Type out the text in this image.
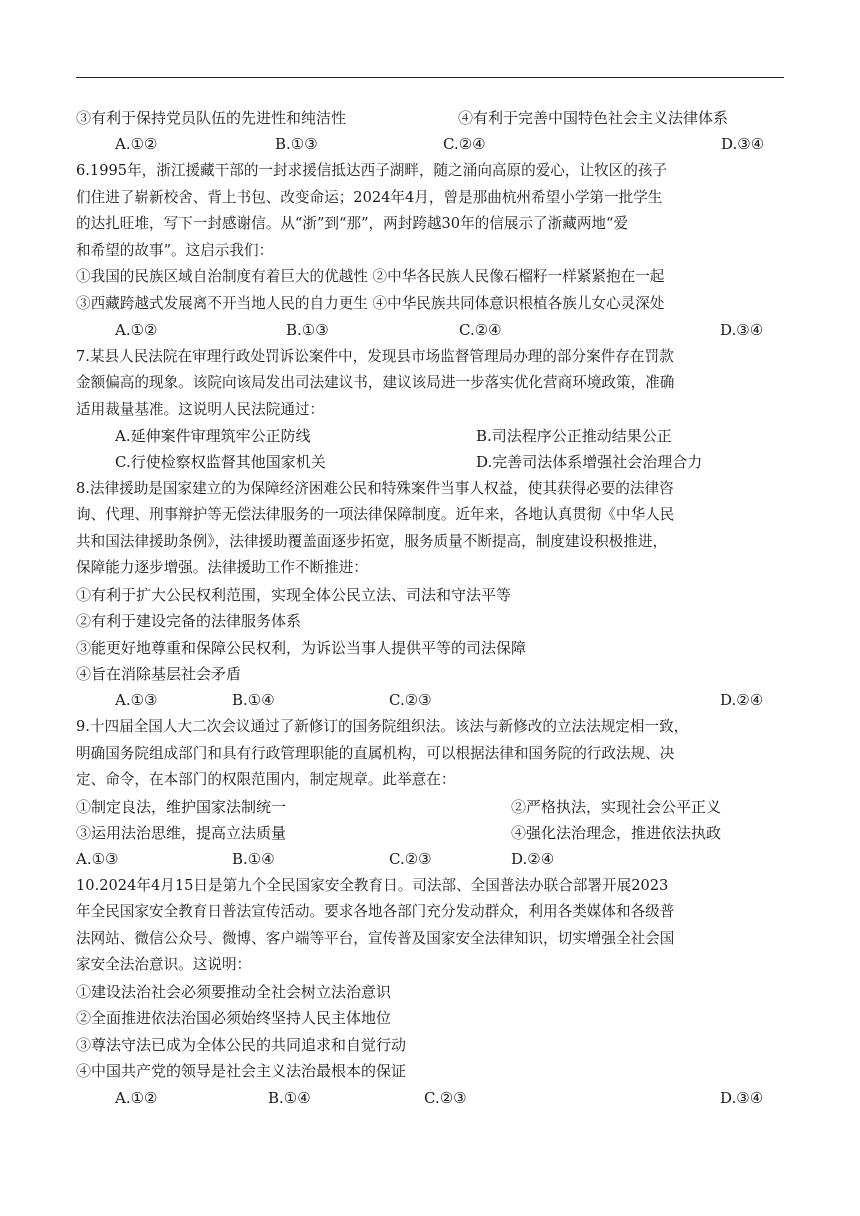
③有利于保持党员队伍的先进性和纯洁性	④有利于完善中国特色社会主义法律体系
A.①②	B.①③	C.②④	D.③④
6.1995年，浙江援藏干部的一封求援信抵达西子湖畔，随之涌向高原的爱心，让牧区的孩子
们住进了崭新校舍、背上书包、改变命运；2024年4月，曾是那曲杭州希望小学第一批学生
的达扎旺堆，写下一封感谢信。从“浙”到“那”，两封跨越30年的信展示了浙藏两地“爱
和希望的故事”。这启示我们：
①我国的民族区域自治制度有着巨大的优越性 ②中华各民族人民像石榴籽一样紧紧抱在一起
③西藏跨越式发展离不开当地人民的自力更生 ④中华民族共同体意识根植各族儿女心灵深处
A.①②	B.①③	C.②④	D.③④
7.某县人民法院在审理行政处罚诉讼案件中，发现县市场监督管理局办理的部分案件存在罚款
金额偏高的现象。该院向该局发出司法建议书，建议该局进一步落实优化营商环境政策，准确
适用裁量基准。这说明人民法院通过：
A.延伸案件审理筑牢公正防线	B.司法程序公正推动结果公正
C.行使检察权监督其他国家机关	D.完善司法体系增强社会治理合力
8.法律援助是国家建立的为保障经济困难公民和特殊案件当事人权益，使其获得必要的法律咨
询、代理、刑事辩护等无偿法律服务的一项法律保障制度。近年来，各地认真贯彻《中华人民
共和国法律援助条例》，法律援助覆盖面逐步拓宽，服务质量不断提高，制度建设积极推进，
保障能力逐步增强。法律援助工作不断推进：
①有利于扩大公民权利范围，实现全体公民立法、司法和守法平等
②有利于建设完备的法律服务体系
③能更好地尊重和保障公民权利，为诉讼当事人提供平等的司法保障
④旨在消除基层社会矛盾
A.①③	B.①④	C.②③	D.②④
9.十四届全国人大二次会议通过了新修订的国务院组织法。该法与新修改的立法法规定相一致，
明确国务院组成部门和具有行政管理职能的直属机构，可以根据法律和国务院的行政法规、决
定、命令，在本部门的权限范围内，制定规章。此举意在：
①制定良法，维护国家法制统一	②严格执法，实现社会公平正义
③运用法治思维，提高立法质量	④强化法治理念，推进依法执政
A.①③	B.①④	C.②③	D.②④
10.2024年4月15日是第九个全民国家安全教育日。司法部、全国普法办联合部署开展2023
年全民国家安全教育日普法宣传活动。要求各地各部门充分发动群众，利用各类媒体和各级普
法网站、微信公众号、微博、客户端等平台，宣传普及国家安全法律知识，切实增强全社会国
家安全法治意识。这说明：
①建设法治社会必须要推动全社会树立法治意识
②全面推进依法治国必须始终坚持人民主体地位
③尊法守法已成为全体公民的共同追求和自觉行动
④中国共产党的领导是社会主义法治最根本的保证
A.①②	B.①④	C.②③	D.③④
